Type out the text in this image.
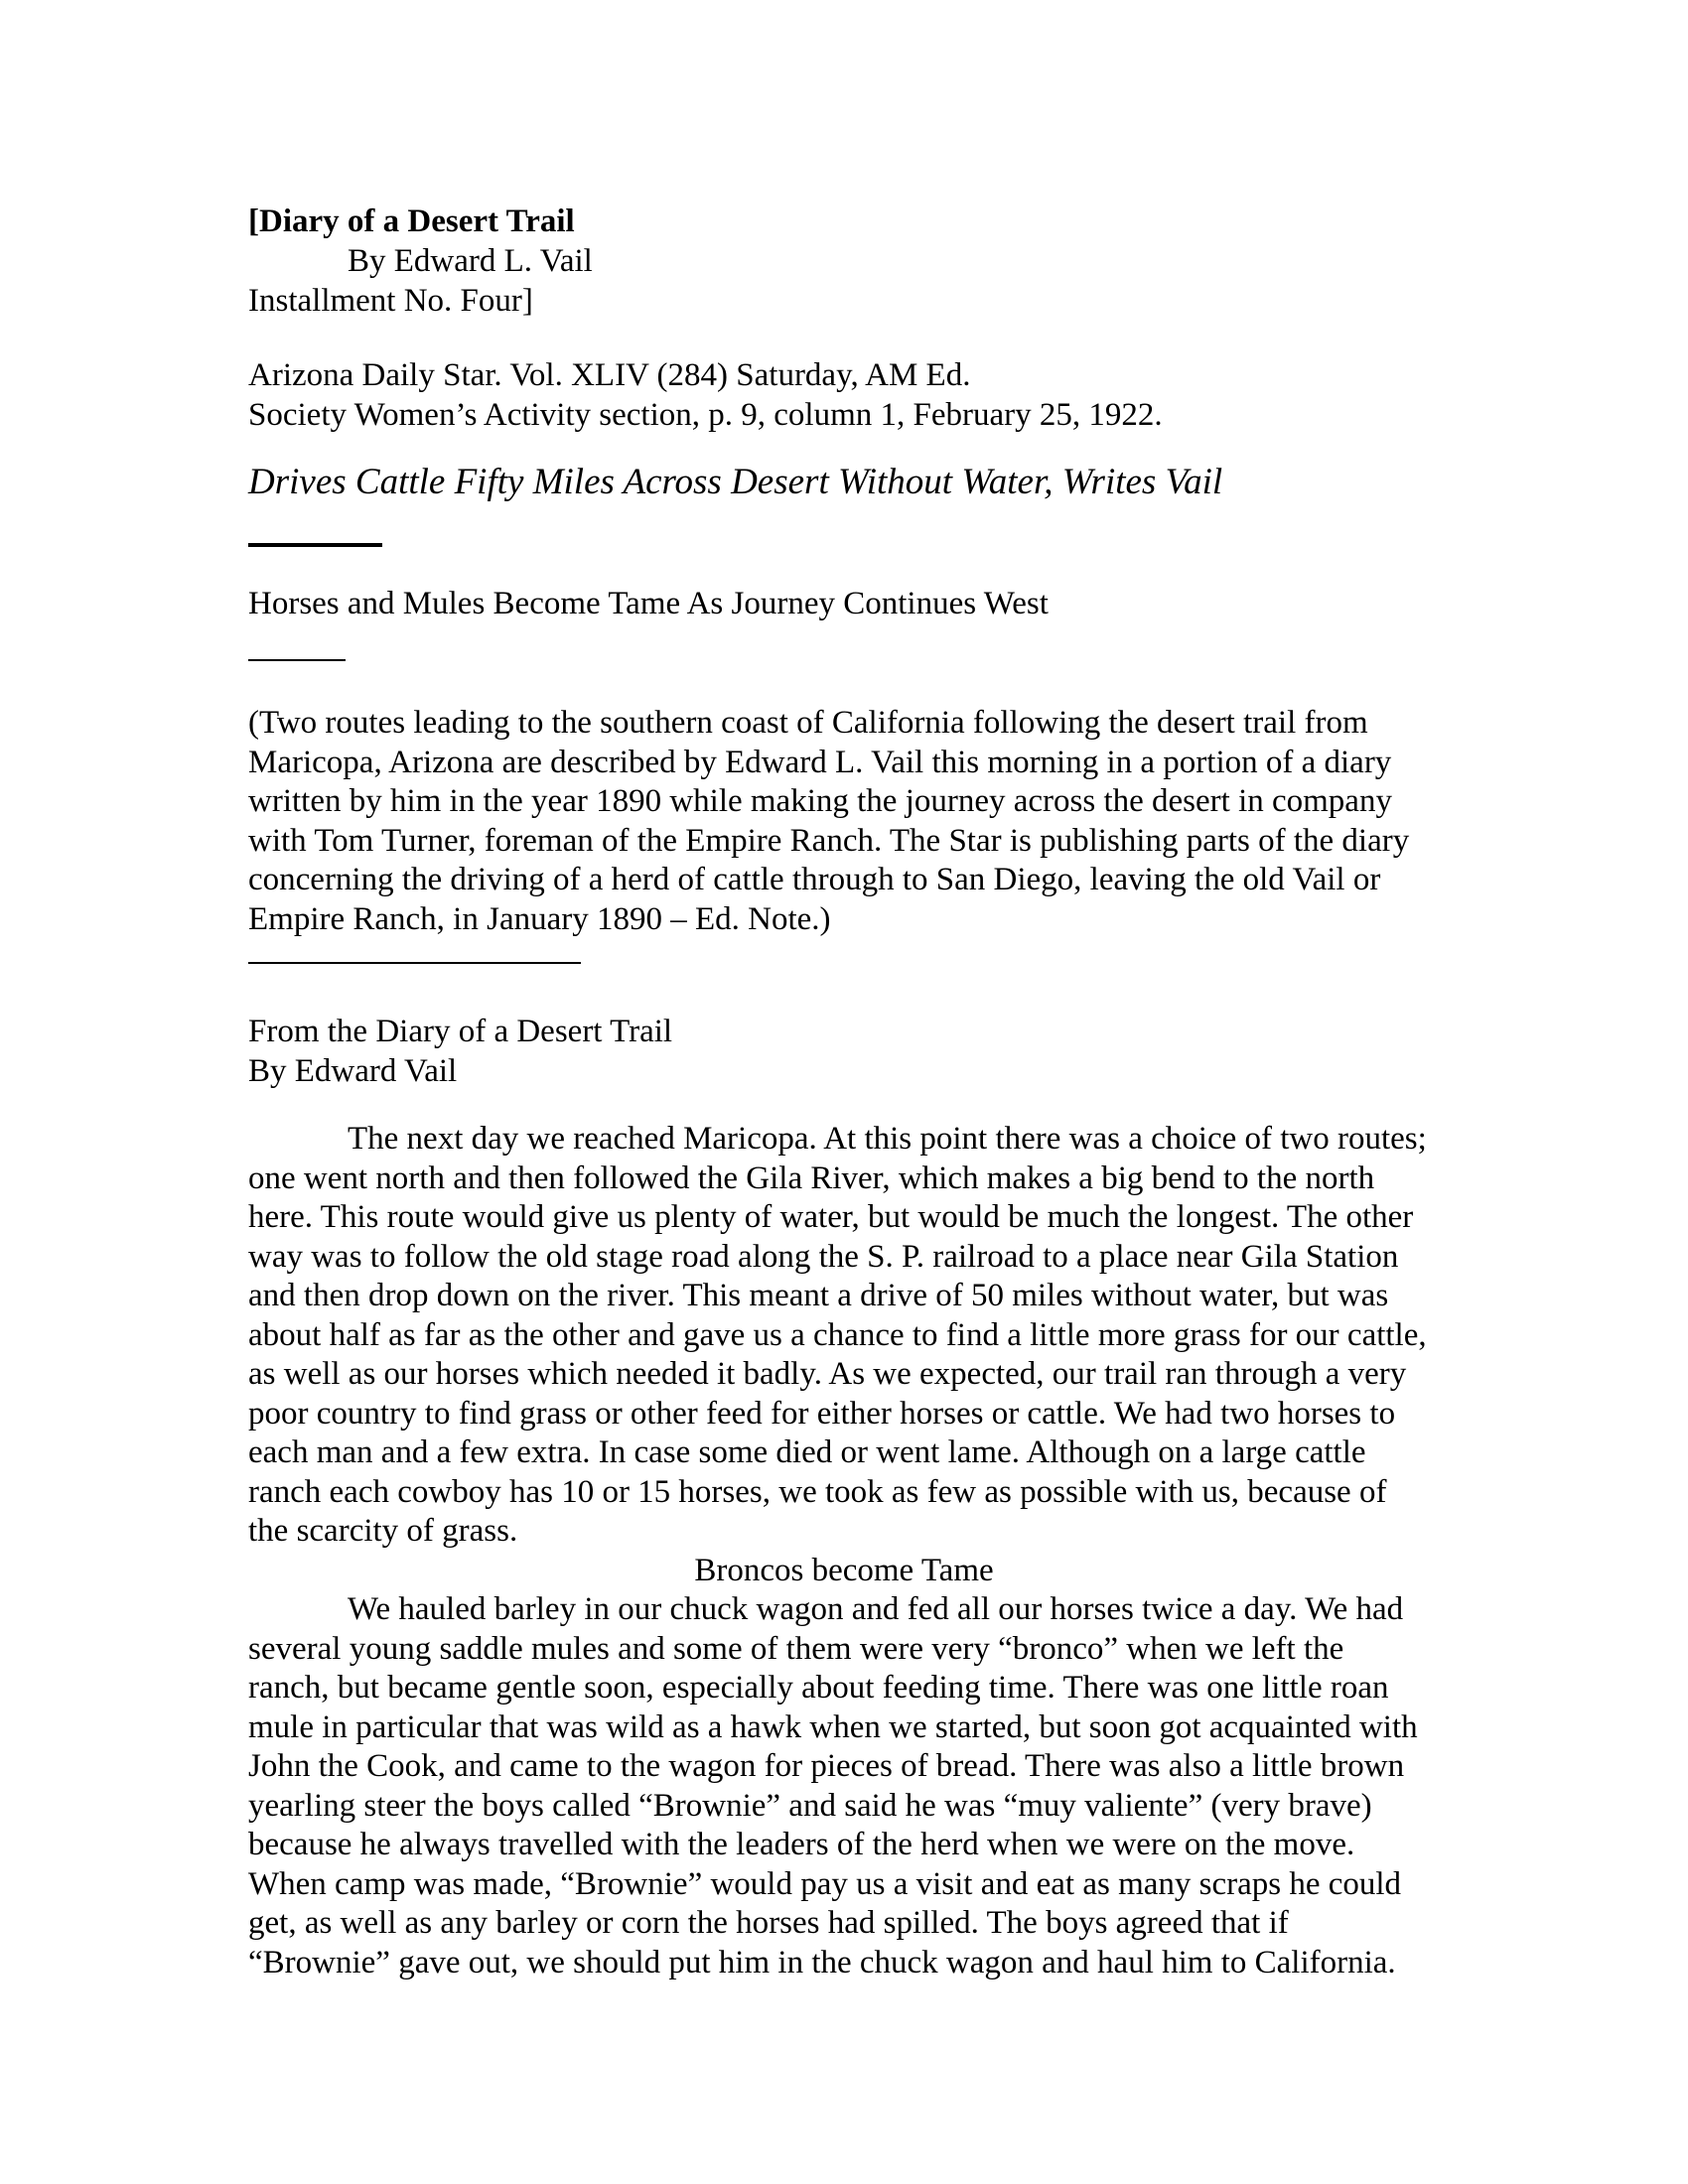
[Diary of a Desert Trail
By Edward L. Vail
Installment No. Four]
Arizona Daily Star. Vol. XLIV (284) Saturday, AM Ed.
Society Women’s Activity section, p. 9, column 1, February 25, 1922.
Drives Cattle Fifty Miles Across Desert Without Water, Writes Vail
Horses and Mules Become Tame As Journey Continues West
(Two routes leading to the southern coast of California following the desert trail from
Maricopa, Arizona are described by Edward L. Vail this morning in a portion of a diary
written by him in the year 1890 while making the journey across the desert in company
with Tom Turner, foreman of the Empire Ranch. The Star is publishing parts of the diary
concerning the driving of a herd of cattle through to San Diego, leaving the old Vail or
Empire Ranch, in January 1890 – Ed. Note.)
From the Diary of a Desert Trail
By Edward Vail
The next day we reached Maricopa. At this point there was a choice of two routes;
one went north and then followed the Gila River, which makes a big bend to the north
here. This route would give us plenty of water, but would be much the longest. The other
way was to follow the old stage road along the S. P. railroad to a place near Gila Station
and then drop down on the river. This meant a drive of 50 miles without water, but was
about half as far as the other and gave us a chance to find a little more grass for our cattle,
as well as our horses which needed it badly. As we expected, our trail ran through a very
poor country to find grass or other feed for either horses or cattle. We had two horses to
each man and a few extra. In case some died or went lame. Although on a large cattle
ranch each cowboy has 10 or 15 horses, we took as few as possible with us, because of
the scarcity of grass.
Broncos become Tame
We hauled barley in our chuck wagon and fed all our horses twice a day. We had
several young saddle mules and some of them were very “bronco” when we left the
ranch, but became gentle soon, especially about feeding time. There was one little roan
mule in particular that was wild as a hawk when we started, but soon got acquainted with
John the Cook, and came to the wagon for pieces of bread. There was also a little brown
yearling steer the boys called “Brownie” and said he was “muy valiente” (very brave)
because he always travelled with the leaders of the herd when we were on the move.
When camp was made, “Brownie” would pay us a visit and eat as many scraps he could
get, as well as any barley or corn the horses had spilled. The boys agreed that if
“Brownie” gave out, we should put him in the chuck wagon and haul him to California.
